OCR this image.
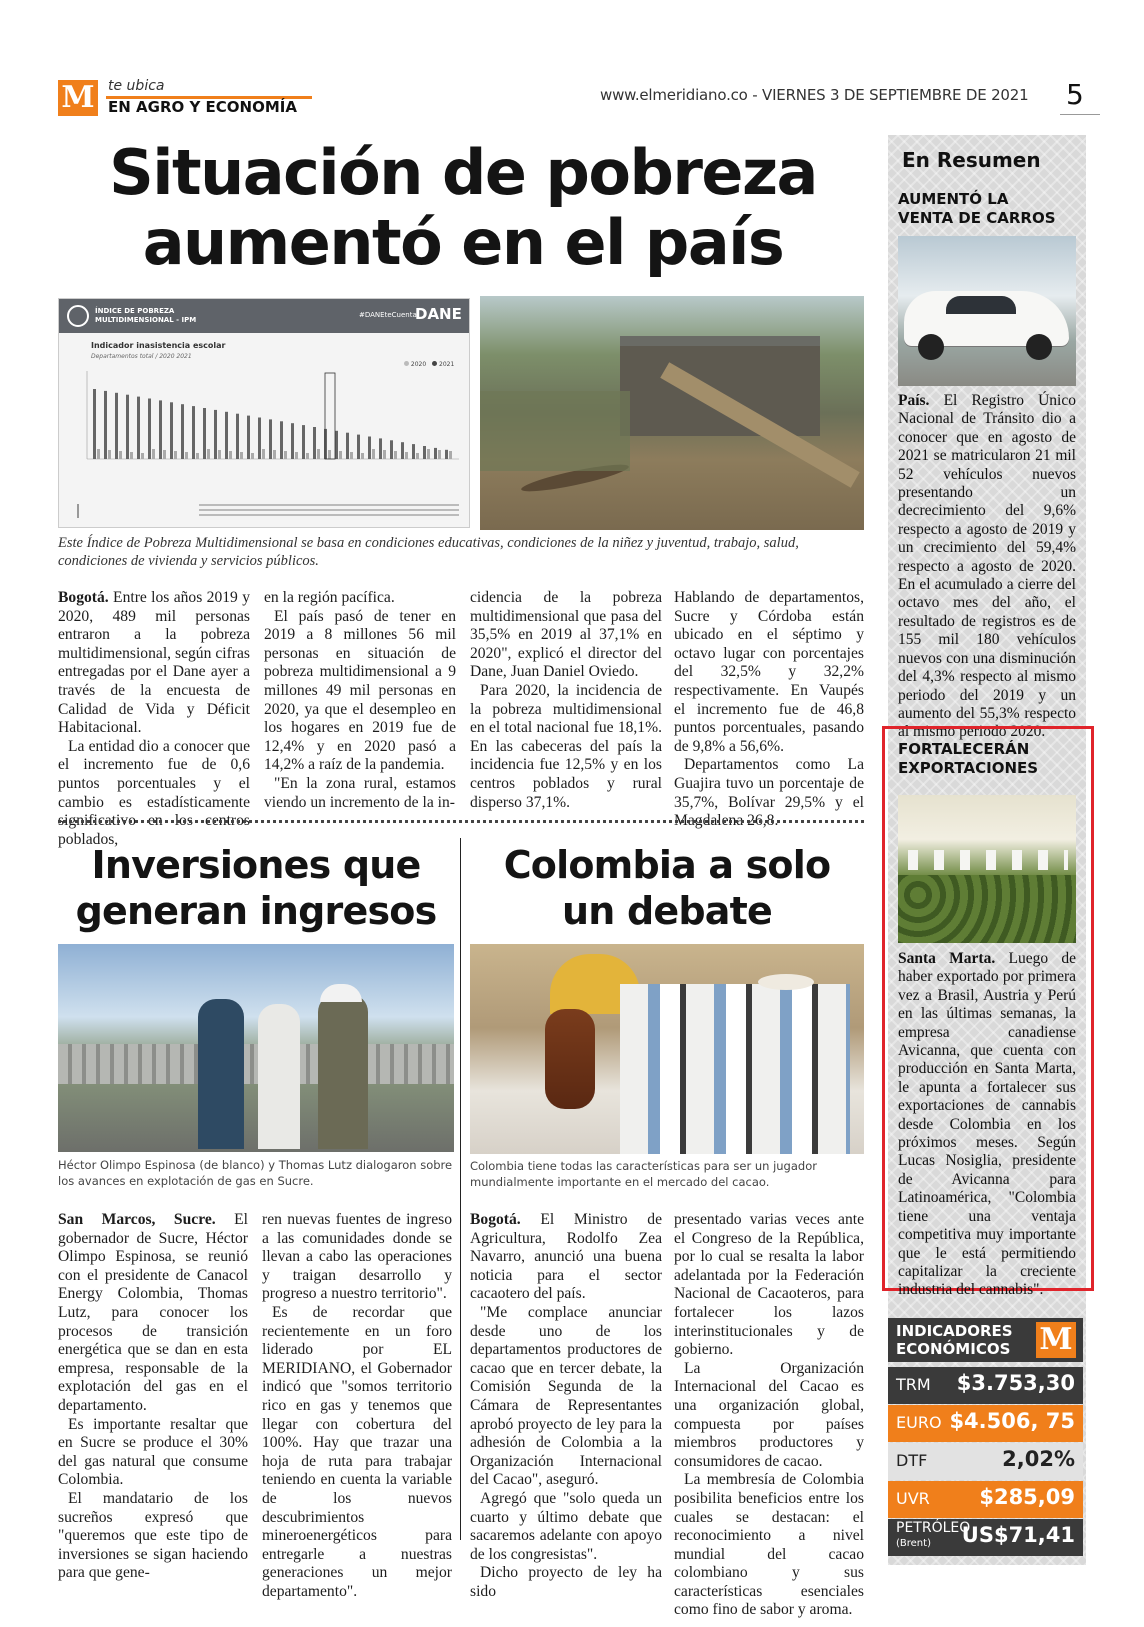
M te ubica
EN AGRO Y ECONOMÍA
www.elmeridiano.co - VIERNES 3 DE SEPTIEMBRE DE 2021 5
Situación de pobreza
aumentó en el país
ÍNDICE DE POBREZA MULTIDIMENSIONAL - IPM
#DANEteCuenta
DANE
Indicador inasistencia escolar
Departamentos total / 2020 2021
2020 2021
Este Índice de Pobreza Multidimensional se basa en condiciones educativas, condiciones de la niñez y juventud, trabajo, salud, condiciones de vivienda y servicios públicos.

Bogotá. Entre los años 2019 y 2020, 489 mil personas entraron a la pobreza multidimensional, según cifras entregadas por el Dane ayer a través de la encuesta de Calidad de Vida y Déficit Habitacional.

La entidad dio a conocer que el incremento fue de 0,6 puntos porcentuales y el cambio es estadísticamente significativo en los centros poblados,

en la región pacífica.

El país pasó de tener en 2019 a 8 millones 56 mil personas en situación de pobreza multidimensional a 9 millones 49 mil personas en 2020, ya que el desempleo en los hogares en 2019 fue de 12,4% y en 2020 pasó a 14,2% a raíz de la pandemia.

"En la zona rural, estamos viendo un incremento de la in-

cidencia de la pobreza multidimensional que pasa del 35,5% en 2019 al 37,1% en 2020", explicó el director del Dane, Juan Daniel Oviedo.

Para 2020, la incidencia de la pobreza multidimensional en el total nacional fue 18,1%. En las cabeceras del país la incidencia fue 12,5% y en los centros poblados y rural disperso 37,1%.

Hablando de departamentos, Sucre y Córdoba están ubicado en el séptimo y octavo lugar con porcentajes del 32,5% y 32,2% respectivamente. En Vaupés el incremento fue de 46,8 puntos porcentuales, pasando de 9,8% a 56,6%.

Departamentos como La Guajira tuvo un porcentaje de 35,7%, Bolívar 29,5% y el Magdalena 26,8.

Inversiones que
generan ingresos
Héctor Olimpo Espinosa (de blanco) y Thomas Lutz dialogaron sobre los avances en explotación de gas en Sucre.

San Marcos, Sucre. El gobernador de Sucre, Héctor Olimpo Espinosa, se reunió con el presidente de Canacol Energy Colombia, Thomas Lutz, para conocer los procesos de transición energética que se dan en esta empresa, responsable de la explotación del gas en el departamento.

Es importante resaltar que en Sucre se produce el 30% del gas natural que consume Colombia.

El mandatario de los sucreños expresó que "queremos que este tipo de inversiones se sigan haciendo para que gene-

ren nuevas fuentes de ingreso a las comunidades donde se llevan a cabo las operaciones y traigan desarrollo y progreso a nuestro territorio".

Es de recordar que recientemente en un foro liderado por EL MERIDIANO, el Gobernador indicó que "somos territorio rico en gas y tenemos que llegar con cobertura del 100%. Hay que trazar una hoja de ruta para trabajar teniendo en cuenta la variable de los nuevos descubrimientos mineroenergéticos para entregarle a nuestras generaciones un mejor departamento".

Colombia a solo
un debate
Colombia tiene todas las características para ser un jugador mundialmente importante en el mercado del cacao.

Bogotá. El Ministro de Agricultura, Rodolfo Zea Navarro, anunció una buena noticia para el sector cacaotero del país.

"Me complace anunciar desde uno de los departamentos productores de cacao que en tercer debate, la Comisión Segunda de la Cámara de Representantes aprobó proyecto de ley para la adhesión de Colombia a la Organización Internacional del Cacao", aseguró.

Agregó que "solo queda un cuarto y último debate que sacaremos adelante con apoyo de los congresistas".

Dicho proyecto de ley ha sido

presentado varias veces ante el Congreso de la República, por lo cual se resalta la labor adelantada por la Federación Nacional de Cacaoteros, para fortalecer los lazos interinstitucionales y de gobierno.

La Organización Internacional del Cacao es una organización global, compuesta por países miembros productores y consumidores de cacao.

La membresía de Colombia posibilita beneficios entre los cuales se destacan: el reconocimiento a nivel mundial del cacao colombiano y sus características esenciales como fino de sabor y aroma.

En Resumen
AUMENTÓ LA VENTA DE CARROS
País. El Registro Único Nacional de Tránsito dio a conocer que en agosto de 2021 se matricularon 21 mil 52 vehículos nuevos presentando un decrecimiento del 9,6% respecto a agosto de 2019 y un crecimiento del 59,4% respecto a agosto de 2020. En el acumulado a cierre del octavo mes del año, el resultado de registros es de 155 mil 180 vehículos nuevos con una disminución del 4,3% respecto al mismo periodo del 2019 y un aumento del 55,3% respecto al mismo periodo 2020.
FORTALECERÁN EXPORTACIONES
Santa Marta. Luego de haber exportado por primera vez a Brasil, Austria y Perú en las últimas semanas, la empresa canadiense Avicanna, que cuenta con producción en Santa Marta, le apunta a fortalecer sus exportaciones de cannabis desde Colombia en los próximos meses. Según Lucas Nosiglia, presidente de Avicanna para Latinoamérica, "Colombia tiene una ventaja competitiva muy importante que le está permitiendo capitalizar la creciente industria del cannabis".
INDICADORES
ECONÓMICOS M
TRM $3.753,30
EURO $4.506, 75
DTF	2,02%
UVR $285,09
PETRÓLEO
(Brent)	US$71,41
